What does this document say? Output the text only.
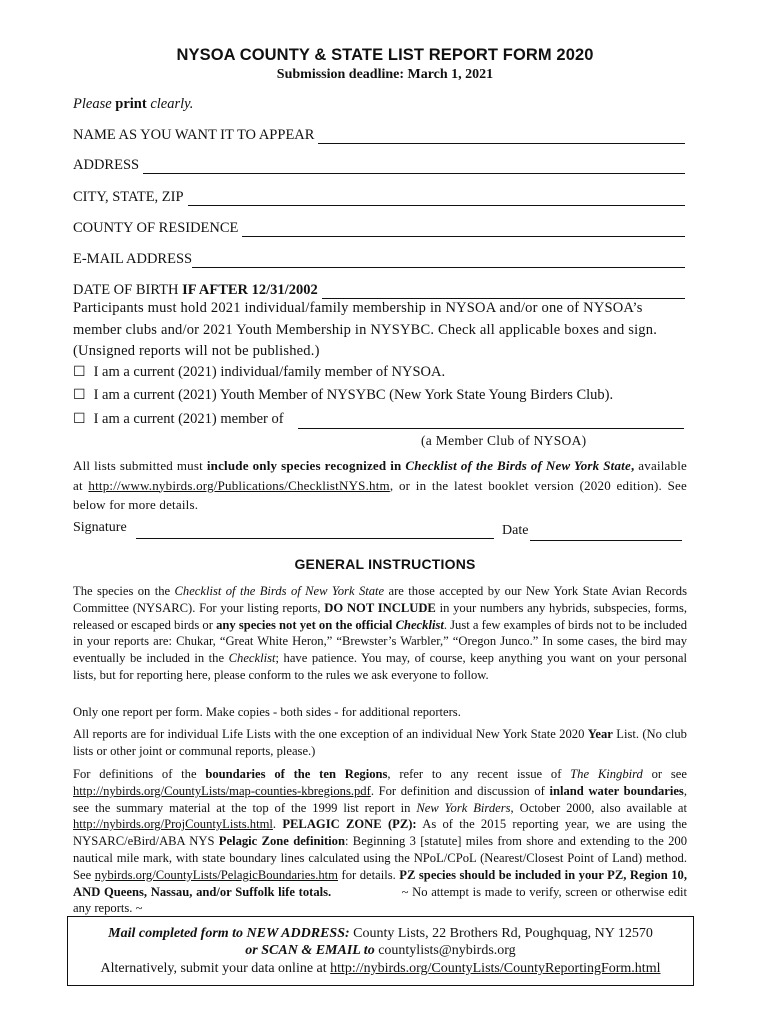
NYSOA COUNTY & STATE LIST REPORT FORM 2020
Submission deadline: March 1, 2021
Please print clearly.
NAME AS YOU WANT IT TO APPEAR
ADDRESS
CITY, STATE, ZIP
COUNTY OF RESIDENCE
E-MAIL ADDRESS
DATE OF BIRTH IF AFTER 12/31/2002
Participants must hold 2021 individual/family membership in NYSOA and/or one of NYSOA’s member clubs and/or 2021 Youth Membership in NYSYBC. Check all applicable boxes and sign. (Unsigned reports will not be published.)
☐ I am a current (2021) individual/family member of NYSOA.
☐ I am a current (2021) Youth Member of NYSYBC (New York State Young Birders Club).
☐ I am a current (2021) member of
(a Member Club of NYSOA)
All lists submitted must include only species recognized in Checklist of the Birds of New York State, available at http://www.nybirds.org/Publications/ChecklistNYS.htm, or in the latest booklet version (2020 edition). See below for more details.
Signature	Date
GENERAL INSTRUCTIONS
The species on the Checklist of the Birds of New York State are those accepted by our New York State Avian Records Committee (NYSARC). For your listing reports, DO NOT INCLUDE in your numbers any hybrids, subspecies, forms, released or escaped birds or any species not yet on the official Checklist. Just a few examples of birds not to be included in your reports are: Chukar, “Great White Heron,” “Brewster’s Warbler,” “Oregon Junco.” In some cases, the bird may eventually be included in the Checklist; have patience. You may, of course, keep anything you want on your personal lists, but for reporting here, please conform to the rules we ask everyone to follow.
Only one report per form. Make copies - both sides - for additional reporters.
All reports are for individual Life Lists with the one exception of an individual New York State 2020 Year List. (No club lists or other joint or communal reports, please.)
For definitions of the boundaries of the ten Regions, refer to any recent issue of The Kingbird or see http://nybirds.org/CountyLists/map-counties-kbregions.pdf. For definition and discussion of inland water boundaries, see the summary material at the top of the 1999 list report in New York Birders, October 2000, also available at http://nybirds.org/ProjCountyLists.html. PELAGIC ZONE (PZ): As of the 2015 reporting year, we are using the NYSARC/eBird/ABA NYS Pelagic Zone definition: Beginning 3 [statute] miles from shore and extending to the 200 nautical mile mark, with state boundary lines calculated using the NPoL/CPoL (Nearest/Closest Point of Land) method. See nybirds.org/CountyLists/PelagicBoundaries.htm for details. PZ species should be included in your PZ, Region 10, AND Queens, Nassau, and/or Suffolk life totals.	~ No attempt is made to verify, screen or otherwise edit any reports. ~
Mail completed form to NEW ADDRESS: County Lists, 22 Brothers Rd, Poughquag, NY 12570
or SCAN & EMAIL to countylists@nybirds.org
Alternatively, submit your data online at http://nybirds.org/CountyLists/CountyReportingForm.html
